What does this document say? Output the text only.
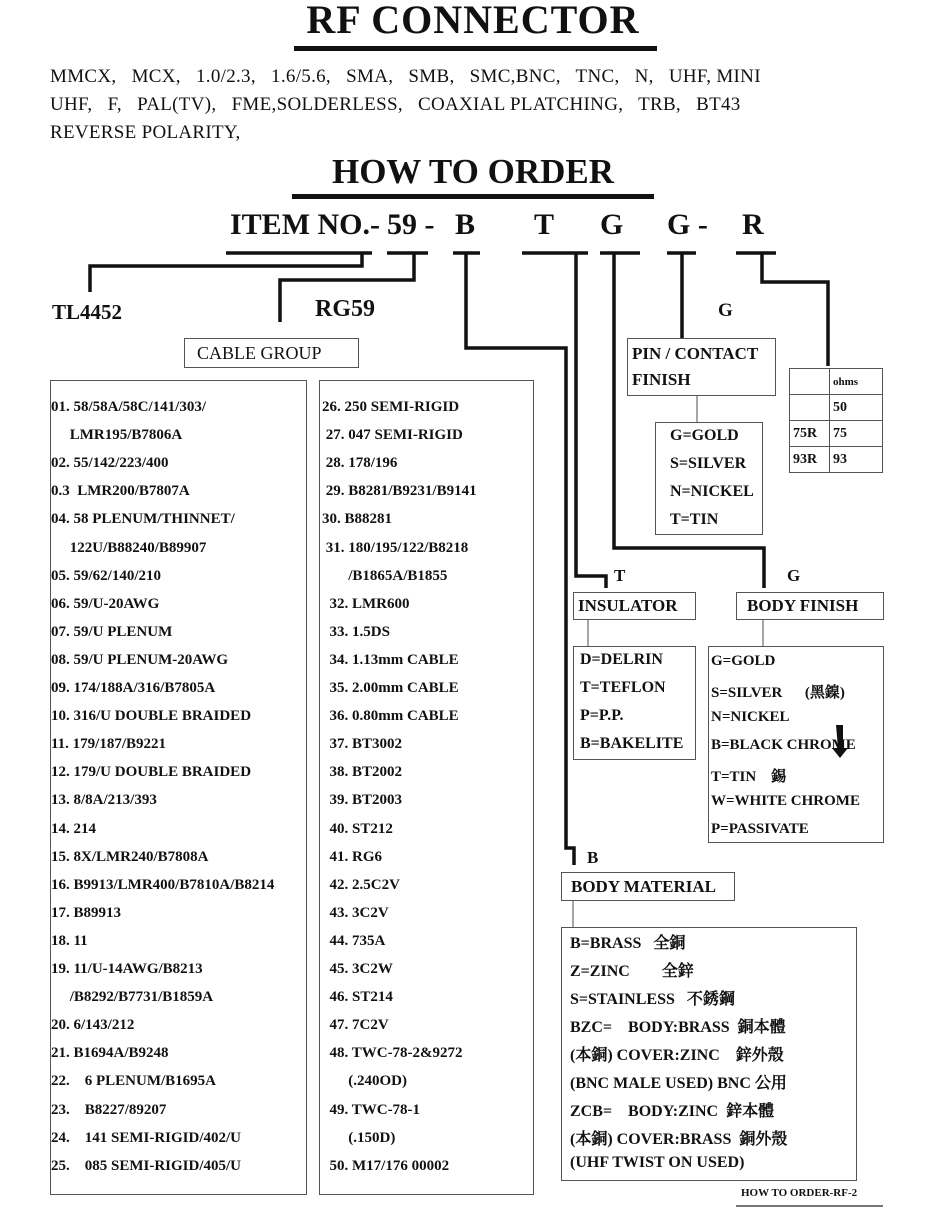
RF CONNECTOR
MMCX,   MCX,   1.0/2.3,   1.6/5.6,   SMA,   SMB,   SMC,BNC,   TNC,   N,   UHF, MINI
UHF,   F,   PAL(TV),   FME,SOLDERLESS,   COAXIAL PLATCHING,   TRB,   BT43
REVERSE POLARITY,
HOW TO ORDER
ITEM NO.- 59 - B T G G - R
TL4452	RG59	G
T	G
B
CABLE GROUP
01. 58/58A/58C/141/303/
LMR195/B7806A
02. 55/142/223/400
0.3  LMR200/B7807A
04. 58 PLENUM/THINNET/
122U/B88240/B89907
05. 59/62/140/210
06. 59/U-20AWG
07. 59/U PLENUM
08. 59/U PLENUM-20AWG
09. 174/188A/316/B7805A
10. 316/U DOUBLE BRAIDED
11. 179/187/B9221
12. 179/U DOUBLE BRAIDED
13. 8/8A/213/393
14. 214
15. 8X/LMR240/B7808A
16. B9913/LMR400/B7810A/B8214
17. B89913
18. 11
19. 11/U-14AWG/B8213
/B8292/B7731/B1859A
20. 6/143/212
21. B1694A/B9248
22.    6 PLENUM/B1695A
23.    B8227/89207
24.    141 SEMI-RIGID/402/U
25.    085 SEMI-RIGID/405/U
26. 250 SEMI-RIGID
27. 047 SEMI-RIGID
28. 178/196
29. B8281/B9231/B9141
30. B88281
31. 180/195/122/B8218
/B1865A/B1855
32. LMR600
33. 1.5DS
34. 1.13mm CABLE
35. 2.00mm CABLE
36. 0.80mm CABLE
37. BT3002
38. BT2002
39. BT2003
40. ST212
41. RG6
42. 2.5C2V
43. 3C2V
44. 735A
45. 3C2W
46. ST214
47. 7C2V
48. TWC-78-2&9272
(.240OD)
49. TWC-78-1
(.150D)
50. M17/176 00002
PIN / CONTACT
FINISH
G=GOLD
S=SILVER
N=NICKEL
T=TIN
	ohms
	50
75R	75
93R	93
INSULATOR
D=DELRIN
T=TEFLON
P=P.P.
B=BAKELITE
BODY FINISH
G=GOLD
S=SILVER      (黑鎳)
N=NICKEL
B=BLACK CHROME
T=TIN    錫
W=WHITE CHROME
P=PASSIVATE
BODY MATERIAL
B=BRASS   全銅
Z=ZINC        全鋅
S=STAINLESS   不銹鋼
BZC=    BODY:BRASS  銅本體
(本銅) COVER:ZINC    鋅外殼
(BNC MALE USED) BNC 公用
ZCB=    BODY:ZINC  鋅本體
(本銅) COVER:BRASS  銅外殼
(UHF TWIST ON USED)
HOW TO ORDER-RF-2
